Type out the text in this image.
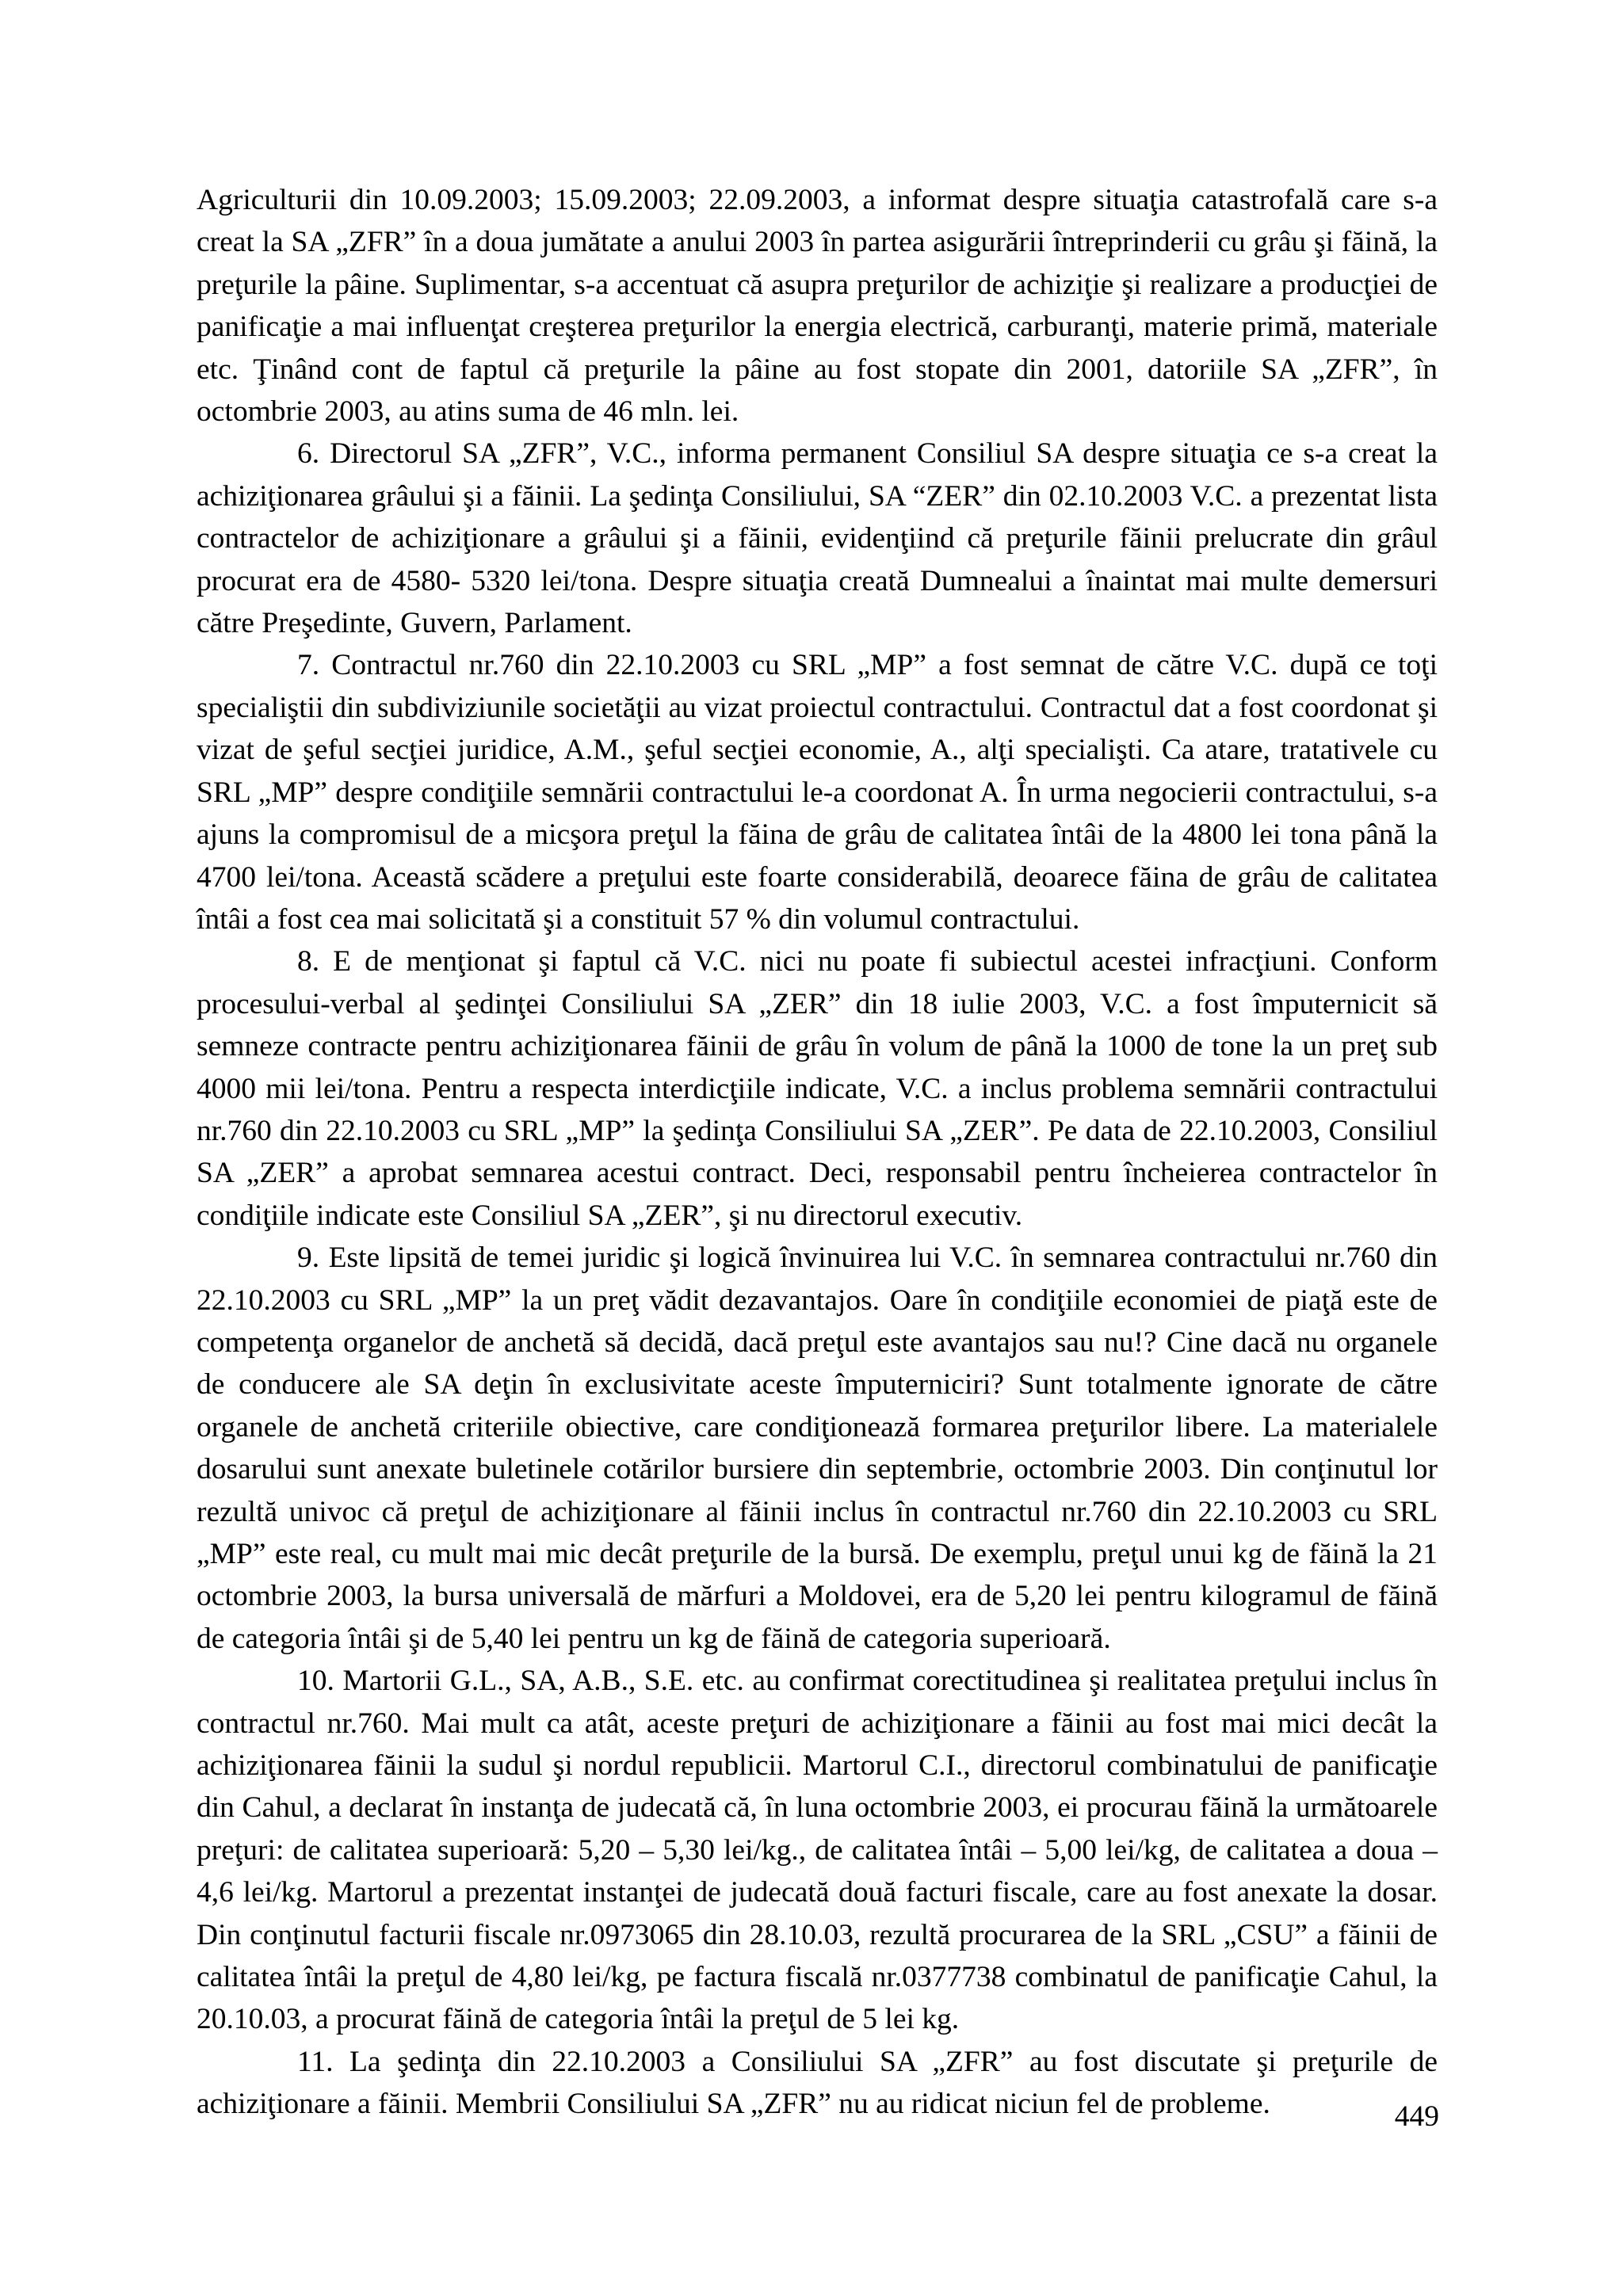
Agriculturii din 10.09.2003; 15.09.2003; 22.09.2003, a informat despre situaţia catastrofală care s-a creat la SA „ZFR” în a doua jumătate a anului 2003 în partea asigurării întreprinderii cu grâu şi făină, la preţurile la pâine. Suplimentar, s-a accentuat că asupra preţurilor de achiziţie şi realizare a producţiei de panificaţie a mai influenţat creşterea preţurilor la energia electrică, carburanţi, materie primă, materiale etc. Ţinând cont de faptul că preţurile la pâine au fost stopate din 2001, datoriile SA „ZFR”, în octombrie 2003, au atins suma de 46 mln. lei.

6. Directorul SA „ZFR”, V.C., informa permanent Consiliul SA despre situaţia ce s-a creat la achiziţionarea grâului şi a făinii. La şedinţa Consiliului, SA “ZER” din 02.10.2003 V.C. a prezentat lista contractelor de achiziţionare a grâului şi a făinii, evidenţiind că preţurile făinii prelucrate din grâul procurat era de 4580- 5320 lei/tona. Despre situaţia creată Dumnealui a înaintat mai multe demersuri către Preşedinte, Guvern, Parlament.

7. Contractul nr.760 din 22.10.2003 cu SRL „MP” a fost semnat de către V.C. după ce toţi specialiştii din subdiviziunile societăţii au vizat proiectul contractului. Contractul dat a fost coordonat şi vizat de şeful secţiei juridice, A.M., şeful secţiei economie, A., alţi specialişti. Ca atare, tratativele cu SRL „MP” despre condiţiile semnării contractului le-a coordonat A. În urma negocierii contractului, s-a ajuns la compromisul de a micşora preţul la făina de grâu de calitatea întâi de la 4800 lei tona până la 4700 lei/tona. Această scădere a preţului este foarte considerabilă, deoarece făina de grâu de calitatea întâi a fost cea mai solicitată şi a constituit 57 % din volumul contractului.

8. E de menţionat şi faptul că V.C. nici nu poate fi subiectul acestei infracţiuni. Conform procesului-verbal al şedinţei Consiliului SA „ZER” din 18 iulie 2003, V.C. a fost împuternicit să semneze contracte pentru achiziţionarea făinii de grâu în volum de până la 1000 de tone la un preţ sub 4000 mii lei/tona. Pentru a respecta interdicţiile indicate, V.C. a inclus problema semnării contractului nr.760 din 22.10.2003 cu SRL „MP” la şedinţa Consiliului SA „ZER”. Pe data de 22.10.2003, Consiliul SA „ZER” a aprobat semnarea acestui contract. Deci, responsabil pentru încheierea contractelor în condiţiile indicate este Consiliul SA „ZER”, şi nu directorul executiv.

9. Este lipsită de temei juridic şi logică învinuirea lui V.C. în semnarea contractului nr.760 din 22.10.2003 cu SRL „MP” la un preţ vădit dezavantajos. Oare în condiţiile economiei de piaţă este de competenţa organelor de anchetă să decidă, dacă preţul este avantajos sau nu!? Cine dacă nu organele de conducere ale SA deţin în exclusivitate aceste împuterniciri? Sunt totalmente ignorate de către organele de anchetă criteriile obiective, care condiţionează formarea preţurilor libere. La materialele dosarului sunt anexate buletinele cotărilor bursiere din septembrie, octombrie 2003. Din conţinutul lor rezultă univoc că preţul de achiziţionare al făinii inclus în contractul nr.760 din 22.10.2003 cu SRL „MP” este real, cu mult mai mic decât preţurile de la bursă. De exemplu, preţul unui kg de făină la 21 octombrie 2003, la bursa universală de mărfuri a Moldovei, era de 5,20 lei pentru kilogramul de făină de categoria întâi şi de 5,40 lei pentru un kg de făină de categoria superioară.

10. Martorii G.L., SA, A.B., S.E. etc. au confirmat corectitudinea şi realitatea preţului inclus în contractul nr.760. Mai mult ca atât, aceste preţuri de achiziţionare a făinii au fost mai mici decât la achiziţionarea făinii la sudul şi nordul republicii. Martorul C.I., directorul combinatului de panificaţie din Cahul, a declarat în instanţa de judecată că, în luna octombrie 2003, ei procurau făină la următoarele preţuri: de calitatea superioară: 5,20 – 5,30 lei/kg., de calitatea întâi – 5,00 lei/kg, de calitatea a doua – 4,6 lei/kg. Martorul a prezentat instanţei de judecată două facturi fiscale, care au fost anexate la dosar. Din conţinutul facturii fiscale nr.0973065 din 28.10.03, rezultă procurarea de la SRL „CSU” a făinii de calitatea întâi la preţul de 4,80 lei/kg, pe factura fiscală nr.0377738 combinatul de panificaţie Cahul, la 20.10.03, a procurat făină de categoria întâi la preţul de 5 lei kg.

11. La şedinţa din 22.10.2003 a Consiliului SA „ZFR” au fost discutate şi preţurile de achiziţionare a făinii. Membrii Consiliului SA „ZFR” nu au ridicat niciun fel de probleme.	449
